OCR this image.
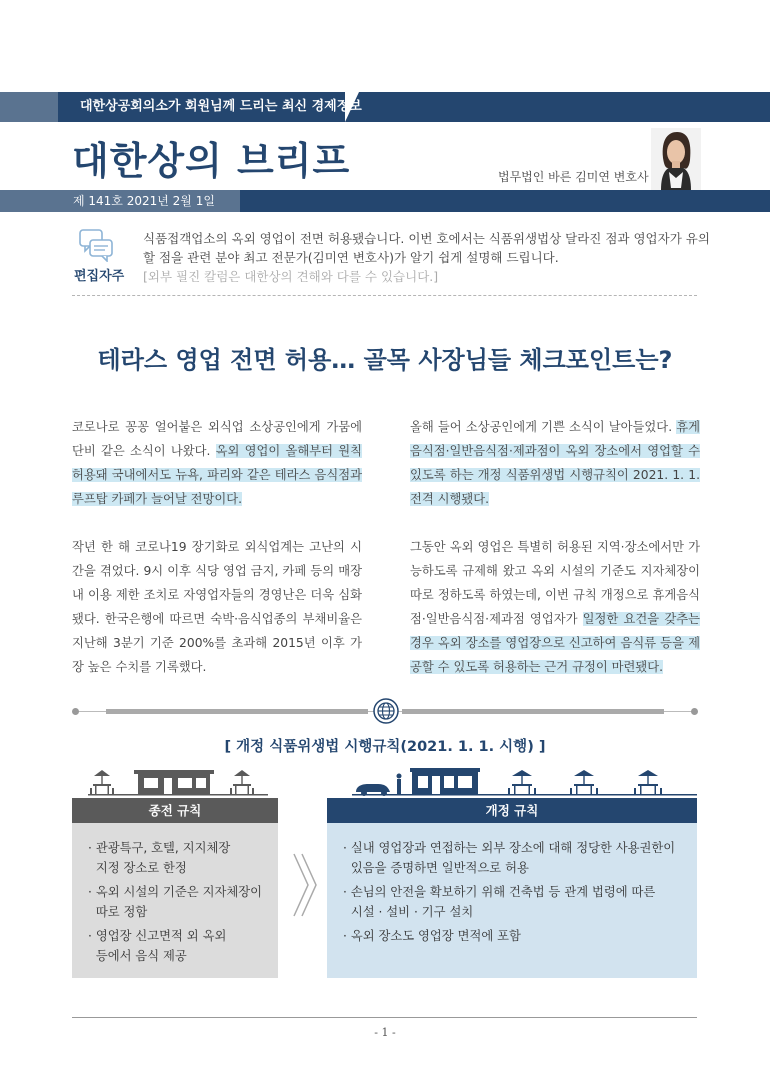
대한상공회의소가 회원님께 드리는 최신 경제정보
대한상의 브리프	법무법인 바른 김미연 변호사
제 141호 2021년 2월 1일
편집자주
식품접객업소의 옥외 영업이 전면 허용됐습니다. 이번 호에서는 식품위생법상 달라진 점과 영업자가 유의할 점을 관련 분야 최고 전문가(김미연 변호사)가 알기 쉽게 설명해 드립니다.
[외부 필진 칼럼은 대한상의 견해와 다를 수 있습니다.]
테라스 영업 전면 허용… 골목 사장님들 체크포인트는?

코로나로 꽁꽁 얼어붙은 외식업 소상공인에게 가뭄에 단비 같은 소식이 나왔다. 옥외 영업이 올해부터 원칙 허용돼 국내에서도 뉴욕, 파리와 같은 테라스 음식점과 루프탑 카페가 늘어날 전망이다.

작년 한 해 코로나19 장기화로 외식업계는 고난의 시간을 겪었다. 9시 이후 식당 영업 금지, 카페 등의 매장 내 이용 제한 조치로 자영업자들의 경영난은 더욱 심화됐다. 한국은행에 따르면 숙박·음식업종의 부채비율은 지난해 3분기 기준 200%를 초과해 2015년 이후 가장 높은 수치를 기록했다.

올해 들어 소상공인에게 기쁜 소식이 날아들었다. 휴게음식점·일반음식점·제과점이 옥외 장소에서 영업할 수 있도록 하는 개정 식품위생법 시행규칙이 2021. 1. 1. 전격 시행됐다.

그동안 옥외 영업은 특별히 허용된 지역·장소에서만 가능하도록 규제해 왔고 옥외 시설의 기준도 지자체장이 따로 정하도록 하였는데, 이번 규칙 개정으로 휴게음식점·일반음식점·제과점 영업자가 일정한 요건을 갖추는 경우 옥외 장소를 영업장으로 신고하여 음식류 등을 제공할 수 있도록 허용하는 근거 규정이 마련됐다.

[ 개정 식품위생법 시행규칙(2021. 1. 1. 시행) ]
종전 규칙
· 관광특구, 호텔, 지지체장
지정 장소로 한정
· 옥외 시설의 기준은 지자체장이
따로 정함
· 영업장 신고면적 외 옥외
등에서 음식 제공
개정 규칙
· 실내 영업장과 연접하는 외부 장소에 대해 정당한 사용권한이
있음을 증명하면 일반적으로 허용
· 손님의 안전을 확보하기 위해 건축법 등 관계 법령에 따른
시설 · 설비 · 기구 설치
· 옥외 장소도 영업장 면적에 포함
- 1 -
